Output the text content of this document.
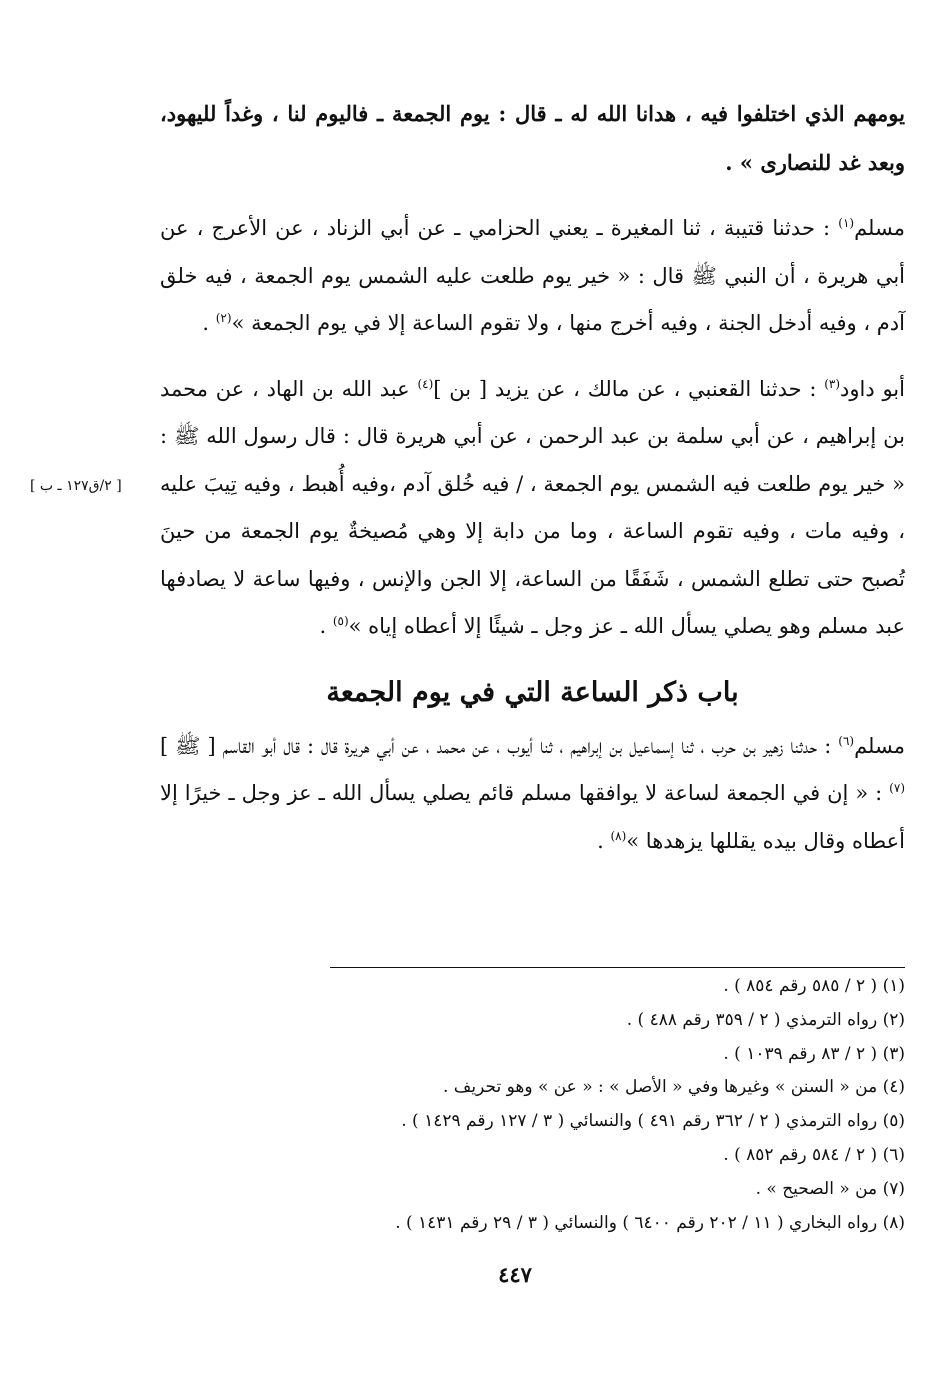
يومهم الذي اختلفوا فيه ، هدانا الله له ـ قال : يوم الجمعة ـ فاليوم لنا ، وغداً لليهود، وبعد غد للنصارى » .

مسلم$^{(١)}$ : حدثنا قتيبة ، ثنا المغيرة ـ يعني الحزامي ـ عن أبي الزناد ، عن الأعرج ، عن أبي هريرة ، أن النبي ﷺ قال : « خير يوم طلعت عليه الشمس يوم الجمعة ، فيه خلق آدم ، وفيه أدخل الجنة ، وفيه أخرج منها ، ولا تقوم الساعة إلا في يوم الجمعة »$^{(٢)}$ .

أبو داود$^{(٣)}$ : حدثنا القعنبي ، عن مالك ، عن يزيد [ بن ]$^{(٤)}$ عبد الله بن الهاد ، عن محمد بن إبراهيم ، عن أبي سلمة بن عبد الرحمن ، عن أبي هريرة قال : قال رسول الله ﷺ : « خير يوم طلعت فيه الشمس يوم الجمعة ، / فيه خُلق آدم ،وفيه أُهبط ، وفيه تِيبَ عليه ، وفيه مات ، وفيه تقوم الساعة ، وما من دابة إلا وهي مُصيخةٌ يوم الجمعة من حينَ تُصبح حتى تطلع الشمس ، شَفَقًا من الساعة، إلا الجن والإنس ، وفيها ساعة لا يصادفها عبد مسلم وهو يصلي يسأل الله ـ عز وجل ـ شيئًا إلا أعطاه إياه »$^{(٥)}$ .

باب ذكر الساعة التي في يوم الجمعة

مسلم$^{(٦)}$ : حدثنا زهير بن حرب ، ثنا إسماعيل بن إبراهيم ، ثنا أيوب ، عن محمد ، عن أبي هريرة قال : قال أبو القاسم [ ﷺ ]$^{(٧)}$ : « إن في الجمعة لساعة لا يوافقها مسلم قائم يصلي يسأل الله ـ عز وجل ـ خيرًا إلا أعطاه وقال بيده يقللها يزهدها »$^{(٨)}$ .

[ ٢/ق١٢٧ ـ ب ]
(١) ( ٢ / ٥٨٥ رقم ٨٥٤ ) .
(٢) رواه الترمذي ( ٢ / ٣٥٩ رقم ٤٨٨ ) .
(٣) ( ٢ / ٨٣ رقم ١٠٣٩ ) .
(٤) من « السنن » وغيرها وفي « الأصل » : « عن » وهو تحريف .
(٥) رواه الترمذي ( ٢ / ٣٦٢ رقم ٤٩١ ) والنسائي ( ٣ / ١٢٧ رقم ١٤٢٩ ) .
(٦) ( ٢ / ٥٨٤ رقم ٨٥٢ ) .
(٧) من « الصحيح » .
(٨) رواه البخاري ( ١١ / ٢٠٢ رقم ٦٤٠٠ ) والنسائي ( ٣ / ٢٩ رقم ١٤٣١ ) .
٤٤٧
